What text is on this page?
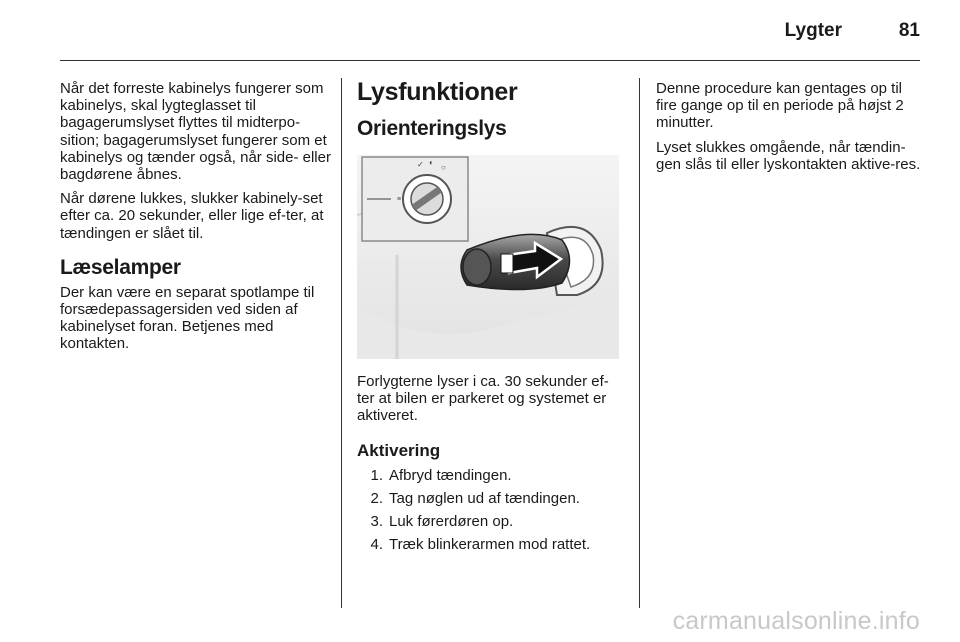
Lygter	81

Når det forreste kabinelys fungerer som kabinelys, skal lygteglasset til bagagerumslyset flyttes til midterpo-sition; bagagerumslyset fungerer som et kabinelys og tænder også, når side- eller bagdørene åbnes.

Når dørene lukkes, slukker kabinely-set efter ca. 20 sekunder, eller lige ef-ter, at tændingen er slået til.

Læselamper

Der kan være en separat spotlampe til forsædepassagersiden ved siden af kabinelyset foran. Betjenes med kontakten.

Lysfunktioner
Orienteringslys
✓ ◐
○
≡

Forlygterne lyser i ca. 30 sekunder ef-ter at bilen er parkeret og systemet er aktiveret.

Aktivering
1. Afbryd tændingen.
2. Tag nøglen ud af tændingen.
3. Luk førerdøren op.
4. Træk blinkerarmen mod rattet.

Denne procedure kan gentages op til fire gange op til en periode på højst 2 minutter.

Lyset slukkes omgående, når tændin-gen slås til eller lyskontakten aktive-res.

carmanualsonline.info
